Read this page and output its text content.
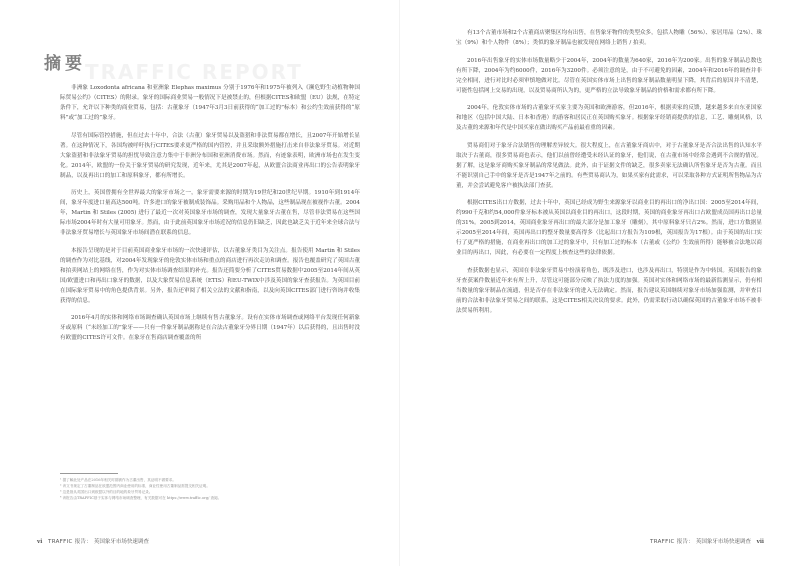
TRAFFIC REPORT
摘要

非洲象 Loxodonta africana 和亚洲象 Elephas maximus 分别于1976年和1975年被列入《濒危野生动植物种国际贸易公约》（CITES）的附录。象牙的国际商业贸易一般情况下是被禁止的，但根据CITES和欧盟（EU）法规，在特定条件下，允许以下种类的商业贸易，包括：古董象牙（1947年3月3日前获得的“加工过的”标本）和公约生效前获得的“原料”或“加工过的”象牙。

尽管有国际管控措施，但在过去十年中，合法（古董）象牙贸易以及盗猎和非法贸易都在增长，且2007年开始增长显著。在这种情况下，各国均被呼吁执行CITES要求更严格的国内管控，并且采取额外措施打击来自非法象牙贸易。对近期大象盗猎和非法象牙贸易的担忧导致注意力集中于非洲分布国和亚洲消费市场。然而，有迹象表明，欧洲市场也在发生变化。2014年，欧盟的一份关于象牙贸易的研究发现，近年来，尤其是2007年起，从欧盟合法商业再出口的公告表明象牙制品，以及再出口的加工和原料象牙，都有所增长。

历史上，英国曾拥有全世界最大的象牙市场之一，象牙需要来源的时期为19世纪和20世纪早期。1910年到1914年间，象牙年度进口量高达500吨。许多进口的象牙被制成装饰品。采购用品和个人物品，这些制品现在被视作古董。2004年，Martin 和 Stiles (2005) 进行了最近一次对英国象牙市场的调查，发现大量象牙古董在售，尽管非法贸易在这些国际市场2004年时有大量可用象牙。然而，由于此前英国象牙市场近况的信息仍旧缺乏，因此也缺乏关于近年来全球合法与非法象牙贸易增长与英国象牙市场间潜在联系的信息。

本报告呈现的是对于目前英国商业象牙市场的一次快速评估，以古董象牙类目为关注点。报告使用 Martin 和 Stiles 的调查作为对比基线，对2004年发现象牙的伦敦实体市场和重点的商店进行再次走访和调查。报告也覆盖研究了英国古董和拍卖网站上的网络在售，作为对实体市场调查结果的补充。报告还简要分析了CITES贸易数据中2005至2014年间从英国/欧盟进口和再出口象牙的数据，以及大象贸易信息系统（ETIS）和EU-TWIX中涉及英国的象牙查获报告。为英国目前在国际象牙贸易中的角色提供背景。另外，报告还审阅了相关立法的文献和指南，以及向英国CITES部门进行咨询并收集获得的信息。

2016年4月的实体和网络市场调查确认英国市场上继续有售古董象牙。设有在实体市场调查或网络平台发现任何新象牙或原料（“未经加工的”象牙——只有一件象牙制品据称是在合法古董象牙分界日期（1947年）以后获得的，且出售时没有欧盟的CITES许可文件。在象牙在售商店调查覆盖的所

¹ 据了解此处产品在2016年相关时期被作为古董出售，其证明不做要求。
² 该文书规定了古董制品在欧盟范围内商业使用的标准，商业性使用古董制品需提交相关证明。
³ 这是指从英国出口到欧盟以外的目的地的象牙贸易记录。
⁴ 该报告由TRAFFIC基于实体与网络市场调查整理，有关数据可在 https://www.traffic.org/ 查阅。
vi TRAFFIC 报告： 英国象牙市场快速调查

有13个古董市场和2个古董商店聚集区均有出售，在售象牙物件的类型众多，包括人物雕（56%）、家居用品（2%）、珠宝（9%）和个人物件（8%）；类似的象牙制品也被发现在网络上销售 / 拍卖。

2016年出售象牙的实体市场数量略少于2004年，2004年的数量为640家，2016年为200家。出售的象牙制品总数也有所下降，2004年为约6000件，2016年为3200件。必须注意的是，由于不可避免的因素，2004年和2016年的调查并非完全相同，进行对比时必须审慎地做对比。尽管在英国实体市场上出售的象牙制品数量明显下降，其背后的原因并不清楚，可能性包括网上交易的出现，以及贸易商所认为的，更严格的立法导致象牙制品的价格和需求都有所下降。

2004年，伦敦实体市场的古董象牙买家主要为英国和欧洲游客，但2016年，根据卖家的反馈，越来越多来自东亚国家和地区（包括中国大陆、日本和香港）的游客和居民正在英国购买象牙。根据象牙经销商提供的信息，工艺、雕刻风格，以及古董的来源和年代是中国买家在做出购买产品前最看重的因素。

贸易商们对于象牙合法销售的理解差异较大。很大程度上，在古董象牙商店中，对于古董象牙是否合法出售的认知水平取决于古董商，很多贸易商也表示，他们以前曾经遭受未经认证的象牙，他们说，在古董市场中经常会遇到不合规的情况。据了解，这是象牙商购买象牙制品的常见做法。此外，由于证据文件的缺乏，很多卖家无法确认所售象牙是否为古董。而且不能识别自己手中的象牙是否是1947年之前的。有些贸易商认为，如果买家有此需求，可以采取各种方式证明所售物品为古董，并会尝试避免客户被执法部门查获。

根据CITES出口方数据，过去十年中，英国已经成为野生来源象牙以商业目的再出口的净出口国：2005至2014年间，约990千克和约54,000件象牙标本被从英国以商业目的再出口，这段时期，英国的商业象牙再出口占欧盟成员国再出口总量的31%。2005到2014，英国商业象牙再出口的最大部分是加工象牙（雕刻），其中原料象牙只占2%。然而，进口方数据显示2005至2014年间，英国再出口的整牙数量要高得多（比起出口方报告为109根，英国报告为17根）。由于英国的出口实行了更严格的措施，在商业再出口的加工过的象牙中，只有加工过的标本（古董或《公约》生效前所得）能够被合法地以商业目的再出口，因此，有必要在一定程度上核查这些的法律依据。

查获数据也显示，英国在非法象牙贸易中扮演着角色，既涉及进口，也涉及再出口，特别是作为中转国。英国报告的象牙查获案件数量近年来有所上升，尽管这可能部分反映了执法力度的加强。英国对实体和网络市场的最新监测显示，仍有相当数量的象牙制品在流通，但是否存在非法象牙的进入无法确定。然而，报告建议英国继续对象牙市场加强监测，并审查目前的合法和非法象牙贸易之间的联系，这是CITES相关决议的要求。此外，仍需采取行动以确保英国的古董象牙市场不被非法贸易所利用。

TRAFFIC 报告： 英国象牙市场快速调查 vii
